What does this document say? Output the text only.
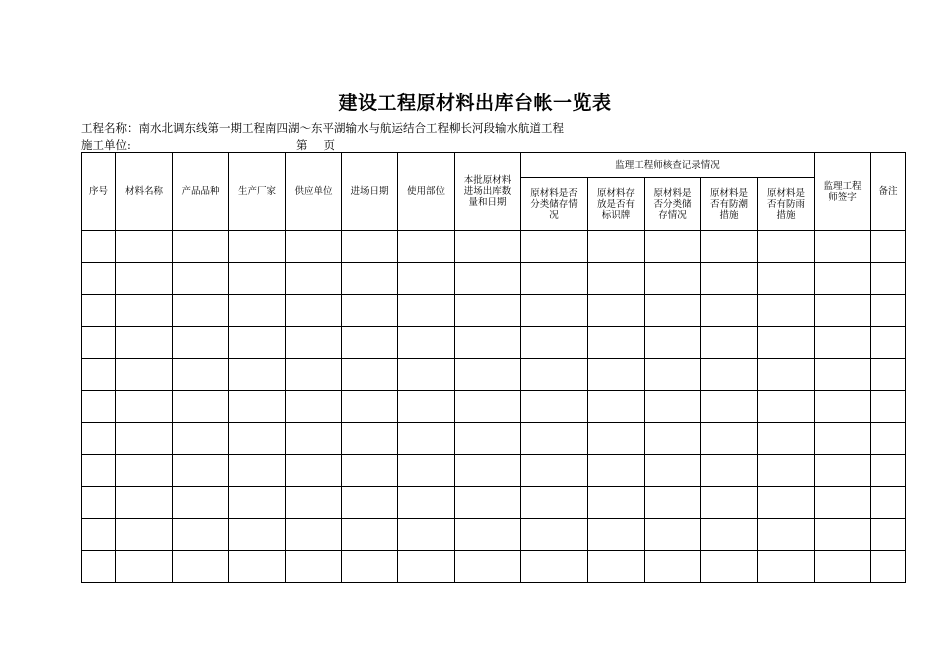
建设工程原材料出库台帐一览表
工程名称：南水北调东线第一期工程南四湖～东平湖输水与航运结合工程柳长河段输水航道工程
施工单位:	第 页
序号	材料名称	产品品种	生产厂家	供应单位	进场日期	使用部位	本批原材料进场出库数量和日期	监理工程师核查记录情况					监理工程师签字	备注

								原材料是否分类储存情况	原材料存放是否有标识牌	原材料是否分类储存情况	原材料是否有防潮措施	原材料是否有防雨措施		
